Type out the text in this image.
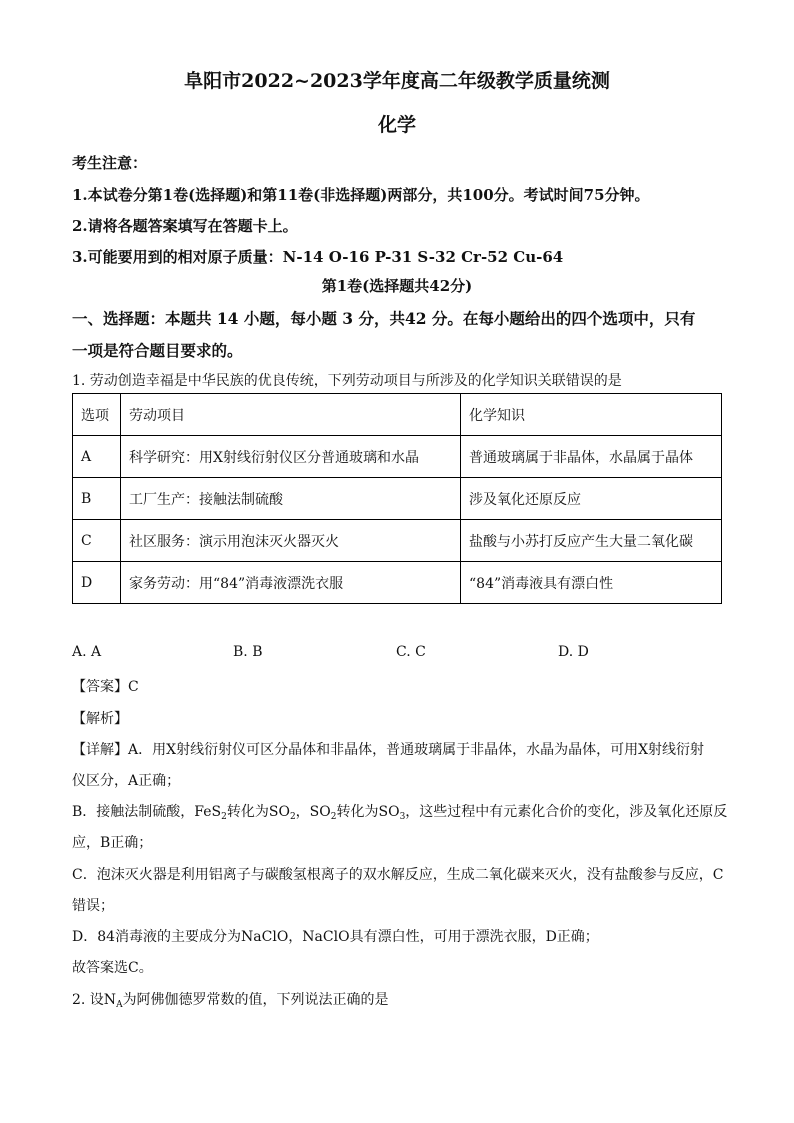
阜阳市2022~2023学年度高二年级教学质量统测
化学
考生注意：
1.本试卷分第1卷(选择题)和第11卷(非选择题)两部分，共100分。考试时间75分钟。
2.请将各题答案填写在答题卡上。
3.可能要用到的相对原子质量：N-14 O-16 P-31 S-32 Cr-52 Cu-64
第1卷(选择题共42分)
一、选择题：本题共 14 小题，每小题 3 分，共42 分。在每小题给出的四个选项中，只有
一项是符合题目要求的。
1. 劳动创造幸福是中华民族的优良传统，下列劳动项目与所涉及的化学知识关联错误的是
选项	劳动项目	化学知识
A	科学研究：用X射线衍射仪区分普通玻璃和水晶	普通玻璃属于非晶体，水晶属于晶体
B	工厂生产：接触法制硫酸	涉及氧化还原反应
C	社区服务：演示用泡沫灭火器灭火	盐酸与小苏打反应产生大量二氧化碳
D	家务劳动：用“84”消毒液漂洗衣服	“84”消毒液具有漂白性
A. A	B. B	C. C	D. D
【答案】C
【解析】
【详解】A．用X射线衍射仪可区分晶体和非晶体，普通玻璃属于非晶体，水晶为晶体，可用X射线衍射
仪区分，A正确；
B．接触法制硫酸，FeS$_2$转化为$SO_2$，$SO_2$转化为$SO_3$，这些过程中有元素化合价的变化，涉及氧化还原反
应，B正确；
C．泡沫灭火器是利用铝离子与碳酸氢根离子的双水解反应，生成二氧化碳来灭火，没有盐酸参与反应，C
错误；
D．84消毒液的主要成分为NaClO，NaClO具有漂白性，可用于漂洗衣服，D正确；
故答案选C。
2. 设$N_A$为阿佛伽德罗常数的值，下列说法正确的是
